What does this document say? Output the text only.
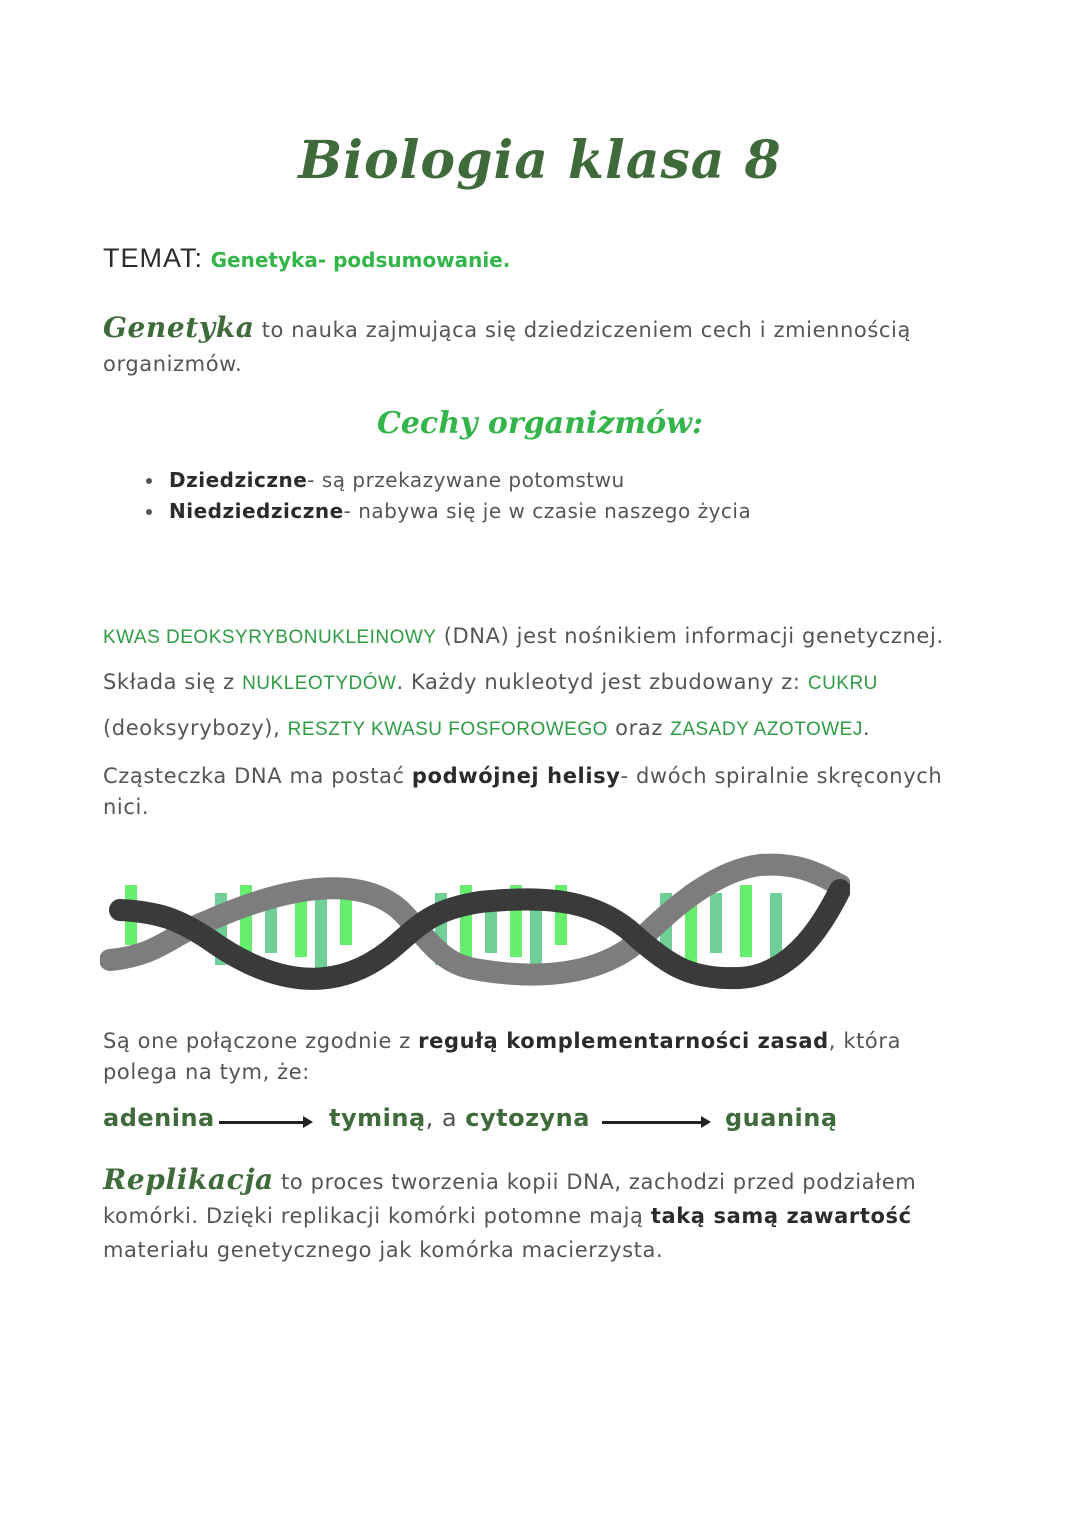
Biologia klasa 8
TEMAT: Genetyka- podsumowanie.
Genetyka to nauka zajmująca się dziedziczeniem cech i zmiennością organizmów.
Cechy organizmów:
• Dziedziczne- są przekazywane potomstwu
• Niedziedziczne- nabywa się je w czasie naszego życia
KWAS DEOKSYRYBONUKLEINOWY (DNA) jest nośnikiem informacji genetycznej. Składa się z NUKLEOTYDÓW. Każdy nukleotyd jest zbudowany z: CUKRU (deoksyrybozy), RESZTY KWASU FOSFOROWEGO oraz ZASADY AZOTOWEJ.
Cząsteczka DNA ma postać podwójnej helisy- dwóch spiralnie skręconych nici.
Są one połączone zgodnie z regułą komplementarności zasad, która polega na tym, że:
adenina	tyminą, a cytozyna	guaniną
Replikacja to proces tworzenia kopii DNA, zachodzi przed podziałem komórki. Dzięki replikacji komórki potomne mają taką samą zawartość materiału genetycznego jak komórka macierzysta.
